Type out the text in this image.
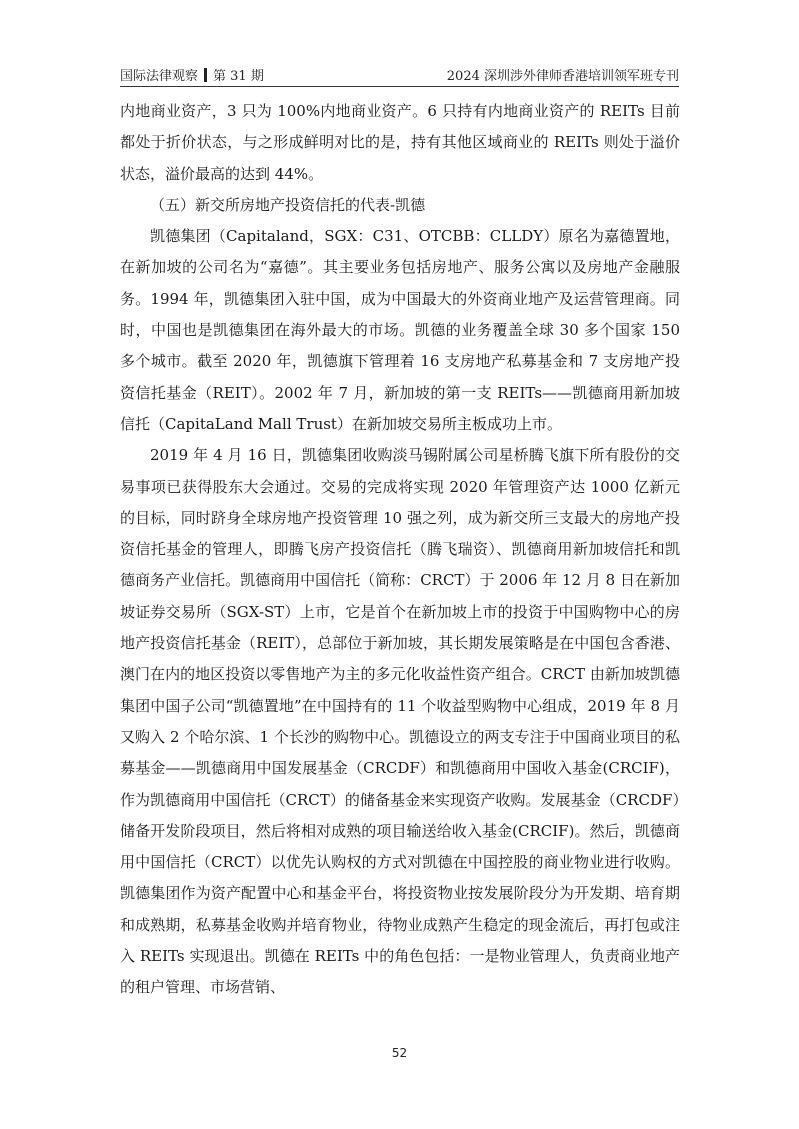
国际法律观察 第 31 期	2024 深圳涉外律师香港培训领军班专刊

内地商业资产，3 只为 100%内地商业资产。6 只持有内地商业资产的 REITs 目前都处于折价状态，与之形成鲜明对比的是，持有其他区域商业的 REITs 则处于溢价状态，溢价最高的达到 44%。

（五）新交所房地产投资信托的代表-凯德

凯德集团（Capitaland，SGX：C31、OTCBB：CLLDY）原名为嘉德置地，在新加坡的公司名为“嘉德”。其主要业务包括房地产、服务公寓以及房地产金融服务。1994 年，凯德集团入驻中国，成为中国最大的外资商业地产及运营管理商。同时，中国也是凯德集团在海外最大的市场。凯德的业务覆盖全球 30 多个国家 150 多个城市。截至 2020 年，凯德旗下管理着 16 支房地产私募基金和 7 支房地产投资信托基金（REIT）。2002 年 7 月，新加坡的第一支 REITs——凯德商用新加坡信托（CapitaLand Mall Trust）在新加坡交易所主板成功上市。

2019 年 4 月 16 日，凯德集团收购淡马锡附属公司星桥腾飞旗下所有股份的交易事项已获得股东大会通过。交易的完成将实现 2020 年管理资产达 1000 亿新元的目标，同时跻身全球房地产投资管理 10 强之列，成为新交所三支最大的房地产投资信托基金的管理人，即腾飞房产投资信托（腾飞瑞资）、凯德商用新加坡信托和凯德商务产业信托。凯德商用中国信托（简称：CRCT）于 2006 年 12 月 8 日在新加坡证券交易所（SGX-ST）上市，它是首个在新加坡上市的投资于中国购物中心的房地产投资信托基金（REIT），总部位于新加坡，其长期发展策略是在中国包含香港、澳门在内的地区投资以零售地产为主的多元化收益性资产组合。CRCT 由新加坡凯德集团中国子公司“凯德置地”在中国持有的 11 个收益型购物中心组成，2019 年 8 月又购入 2 个哈尔滨、1 个长沙的购物中心。凯德设立的两支专注于中国商业项目的私募基金——凯德商用中国发展基金（CRCDF）和凯德商用中国收入基金(CRCIF)，作为凯德商用中国信托（CRCT）的储备基金来实现资产收购。发展基金（CRCDF）储备开发阶段项目，然后将相对成熟的项目输送给收入基金(CRCIF)。然后，凯德商用中国信托（CRCT）以优先认购权的方式对凯德在中国控股的商业物业进行收购。凯德集团作为资产配置中心和基金平台，将投资物业按发展阶段分为开发期、培育期和成熟期，私募基金收购并培育物业，待物业成熟产生稳定的现金流后，再打包或注入 REITs 实现退出。凯德在 REITs 中的角色包括：一是物业管理人，负责商业地产的租户管理、市场营销、

52
